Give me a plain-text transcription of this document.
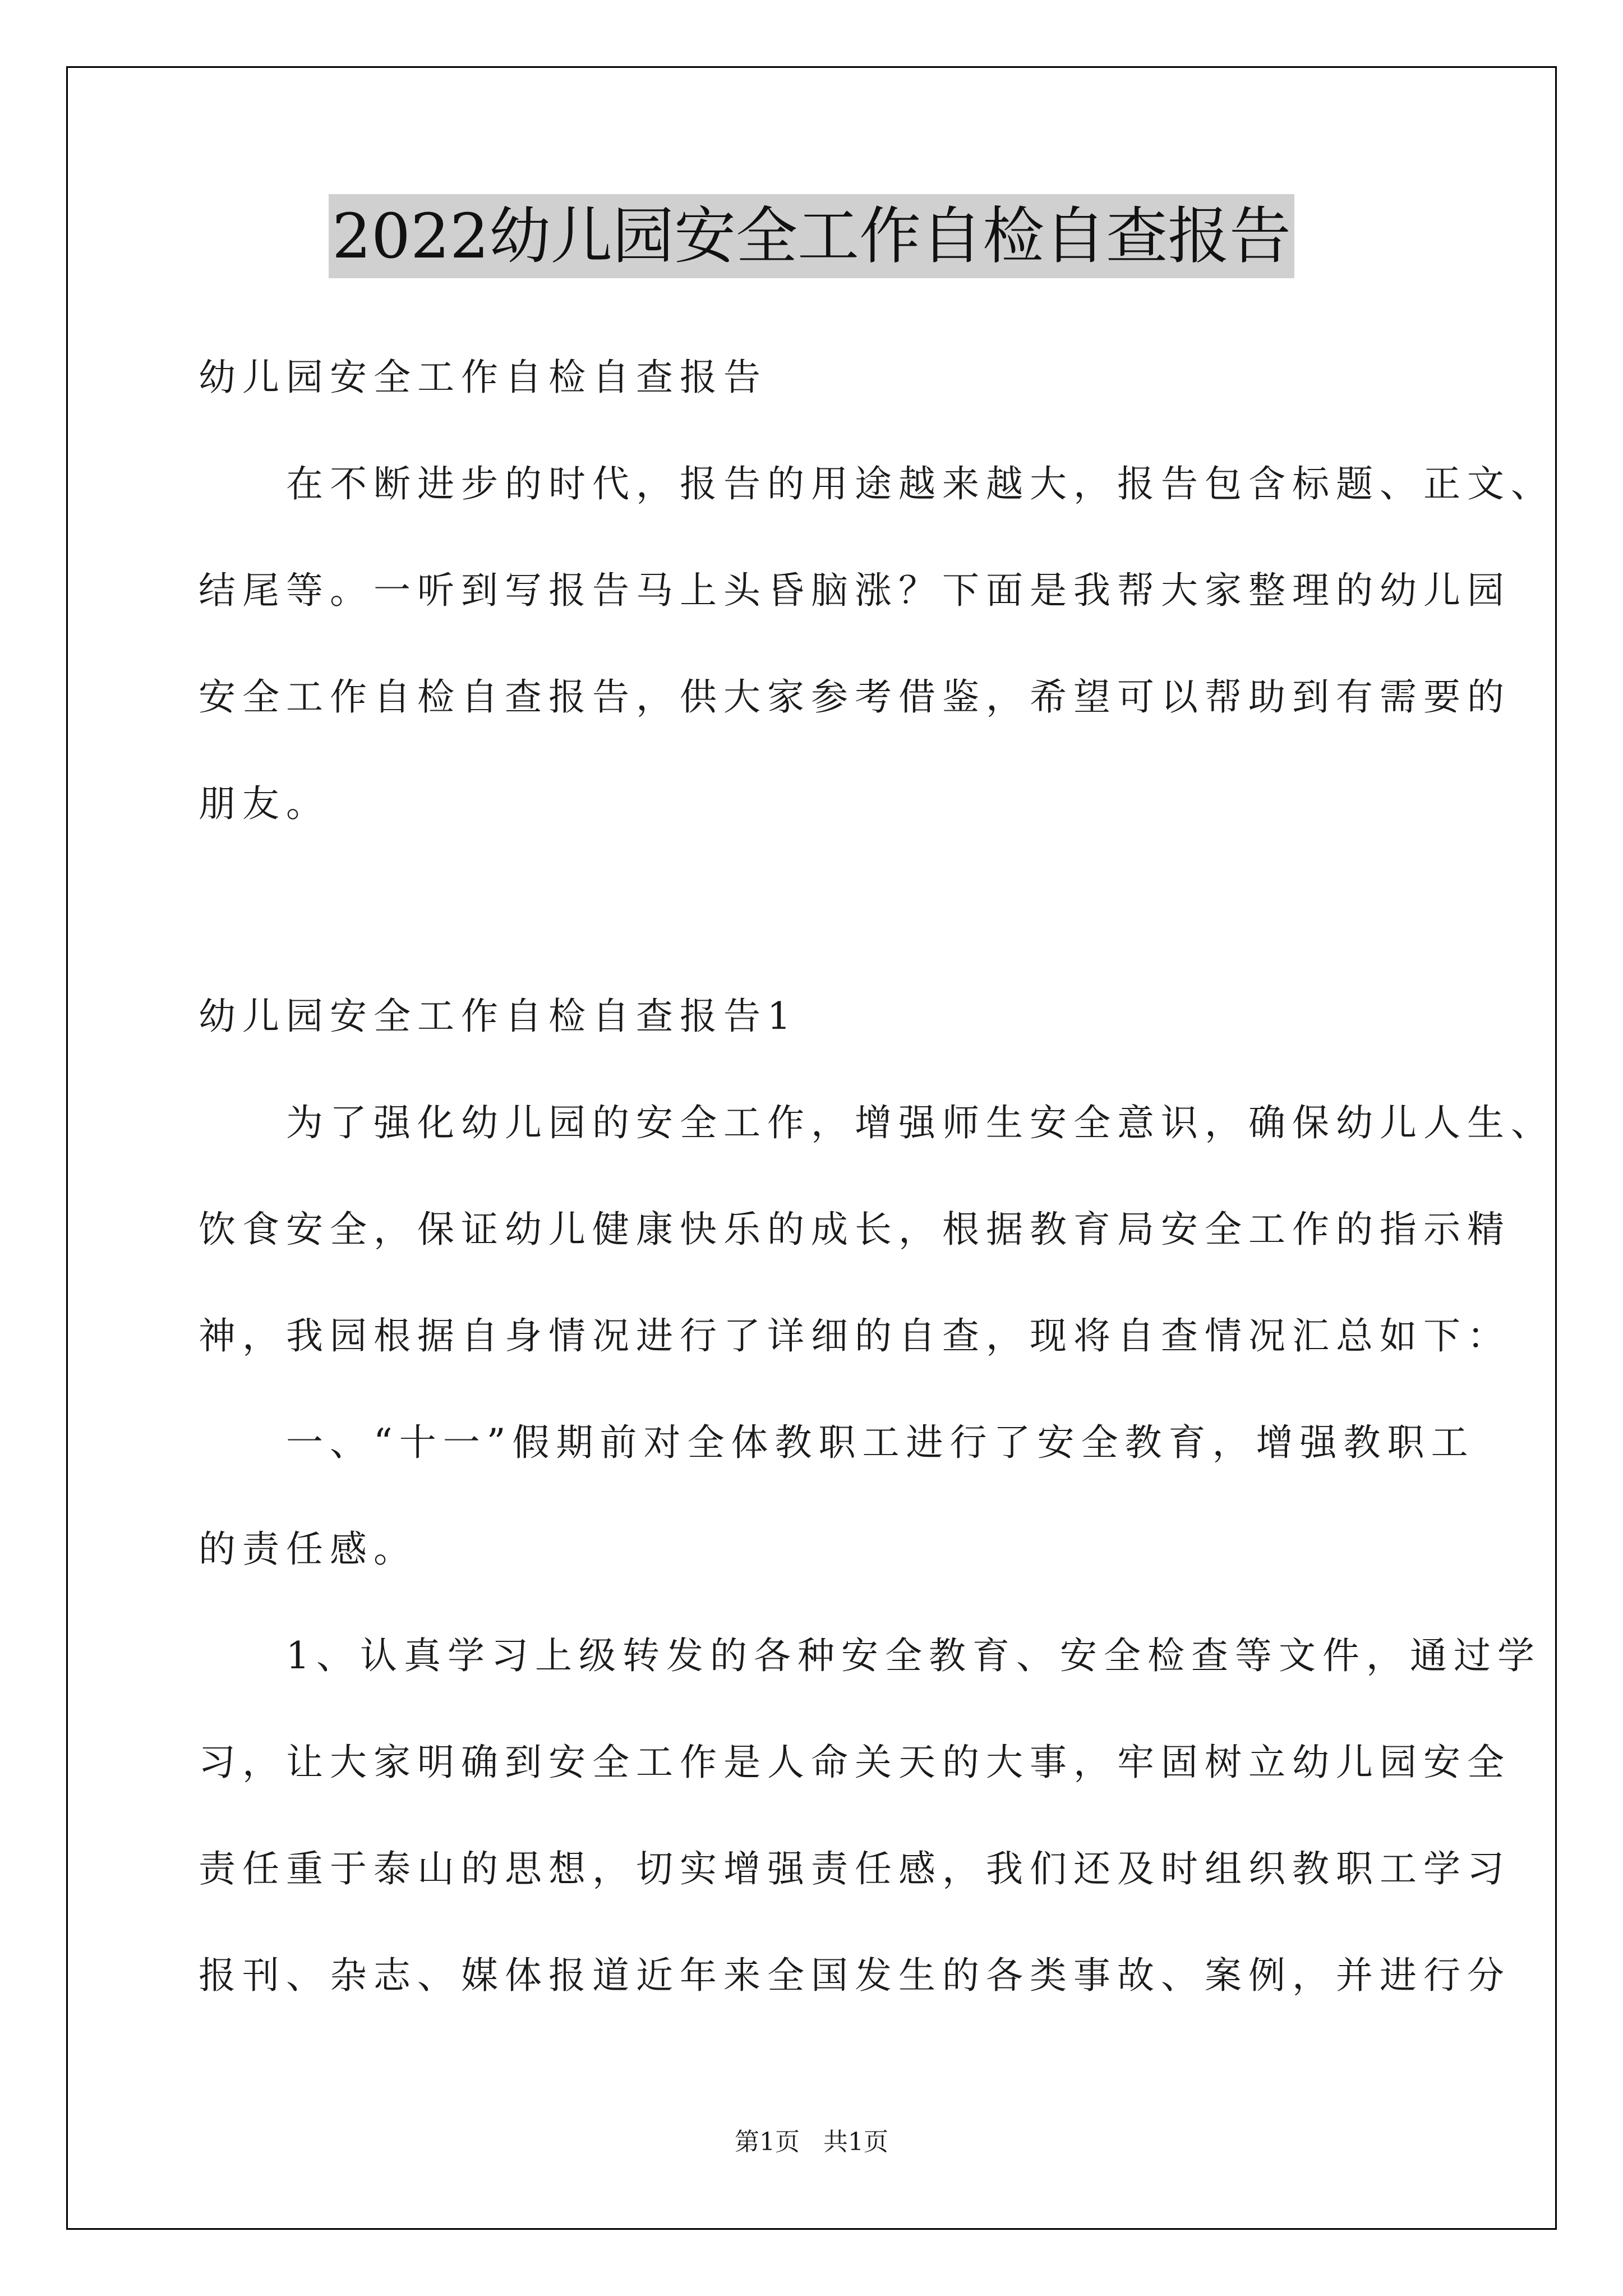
2022幼儿园安全工作自检自查报告
幼儿园安全工作自检自查报告
　　在不断进步的时代，报告的用途越来越大，报告包含标题、正文、
结尾等。一听到写报告马上头昏脑涨？下面是我帮大家整理的幼儿园
安全工作自检自查报告，供大家参考借鉴，希望可以帮助到有需要的
朋友。
幼儿园安全工作自检自查报告1
　　为了强化幼儿园的安全工作，增强师生安全意识，确保幼儿人生、
饮食安全，保证幼儿健康快乐的成长，根据教育局安全工作的指示精
神，我园根据自身情况进行了详细的自查，现将自查情况汇总如下：
　　一、“十一”假期前对全体教职工进行了安全教育，增强教职工
的责任感。
　　1、认真学习上级转发的各种安全教育、安全检查等文件，通过学
习，让大家明确到安全工作是人命关天的大事，牢固树立幼儿园安全
责任重于泰山的思想，切实增强责任感，我们还及时组织教职工学习
报刊、杂志、媒体报道近年来全国发生的各类事故、案例，并进行分
第1页   共1页
